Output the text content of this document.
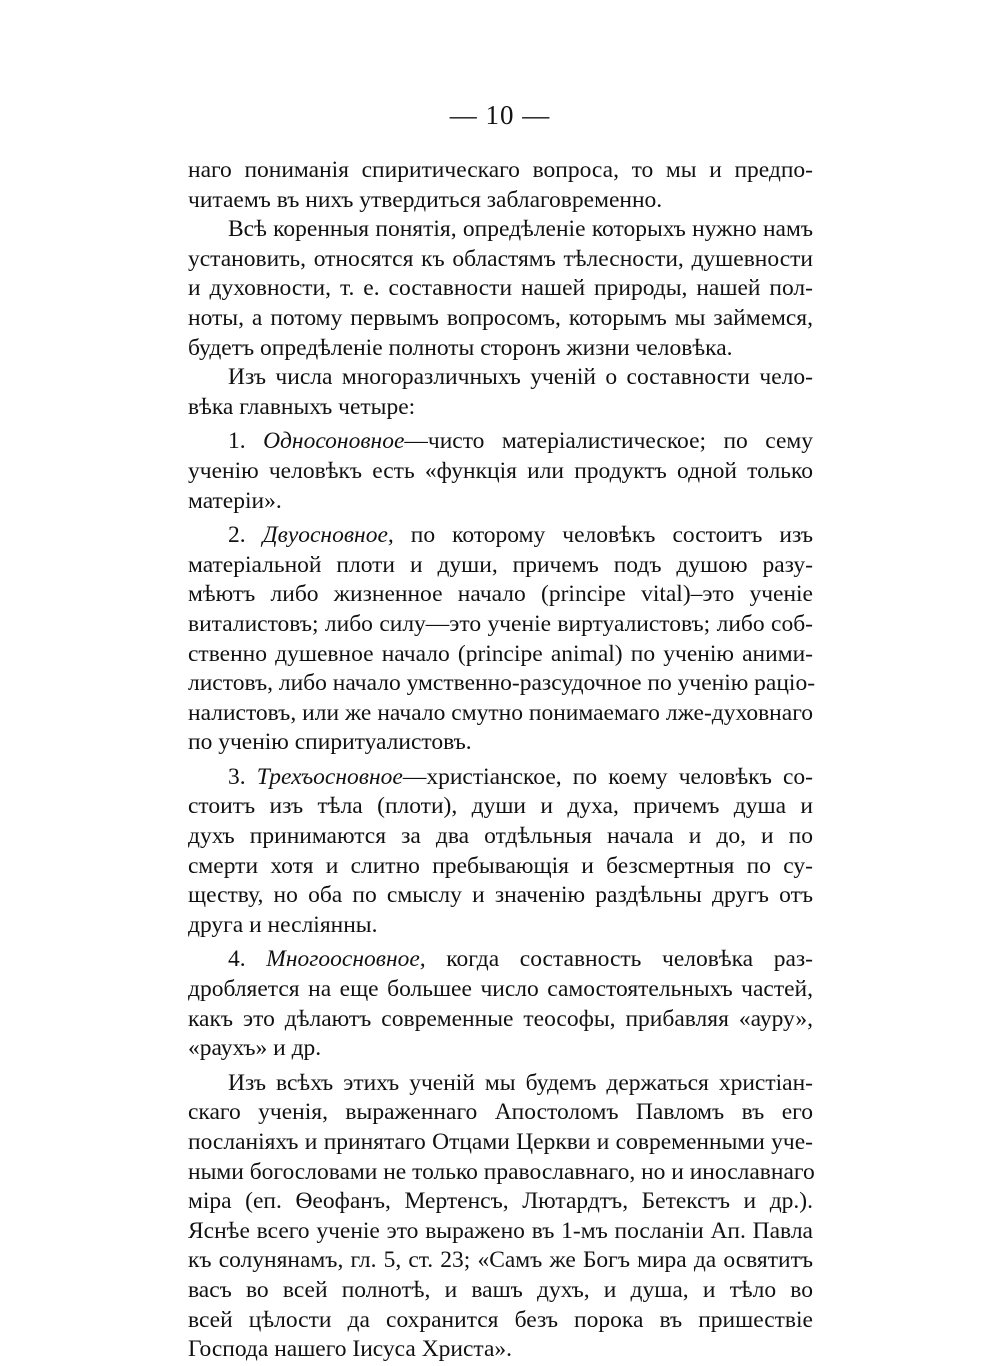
— 10 —
наго пониманія спиритическаго вопроса, то мы и предпо-
читаемъ въ нихъ утвердиться заблаговременно.
Всѣ коренныя понятія, опредѣленіе которыхъ нужно намъ
установить, относятся къ областямъ тѣлесности, душевности
и духовности, т. е. составности нашей природы, нашей пол-
ноты, а потому первымъ вопросомъ, которымъ мы займемся,
будетъ опредѣленіе полноты сторонъ жизни человѣка.
Изъ числа многоразличныхъ ученій о составности чело-
вѣка главныхъ четыре:
1. Односоновное—чисто матеріалистическое; по сему
ученію человѣкъ есть «функція или продуктъ одной только
матеріи».
2. Двуосновное, по которому человѣкъ состоитъ изъ
матеріальной плоти и души, причемъ подъ душою разу-
мѣютъ либо жизненное начало (principe vital)–это ученіе
виталистовъ; либо силу—это ученіе виртуалистовъ; либо соб-
ственно душевное начало (principe animal) по ученію аними-
листовъ, либо начало умственно-разсудочное по ученію раціо-
налистовъ, или же начало смутно понимаемаго лже-духовнаго
по ученію спиритуалистовъ.
3. Трехъосновное—христіанское, по коему человѣкъ со-
стоитъ изъ тѣла (плоти), души и духа, причемъ душа и
духъ принимаются за два отдѣльныя начала и до, и по
смерти хотя и слитно пребывающія и безсмертныя по су-
ществу, но оба по смыслу и значенію раздѣльны другъ отъ
друга и несліянны.
4. Многоосновное, когда составность человѣка раз-
дробляется на еще большее число самостоятельныхъ частей,
какъ это дѣлаютъ современные теософы, прибавляя «ауру»,
«раухъ» и др.
Изъ всѣхъ этихъ ученій мы будемъ держаться христіан-
скаго ученія, выраженнаго Апостоломъ Павломъ въ его
посланіяхъ и принятаго Отцами Церкви и современными уче-
ными богословами не только православнаго, но и инославнаго
міра (еп. Ѳеофанъ, Мертенсъ, Лютардтъ, Бетекстъ и др.).
Яснѣе всего ученіе это выражено въ 1-мъ посланіи Ап. Павла
къ солунянамъ, гл. 5, ст. 23; «Самъ же Богъ мира да освятитъ
васъ во всей полнотѣ, и вашъ духъ, и душа, и тѣло во
всей цѣлости да сохранится безъ порока въ пришествіе
Господа нашего Іисуса Христа».
